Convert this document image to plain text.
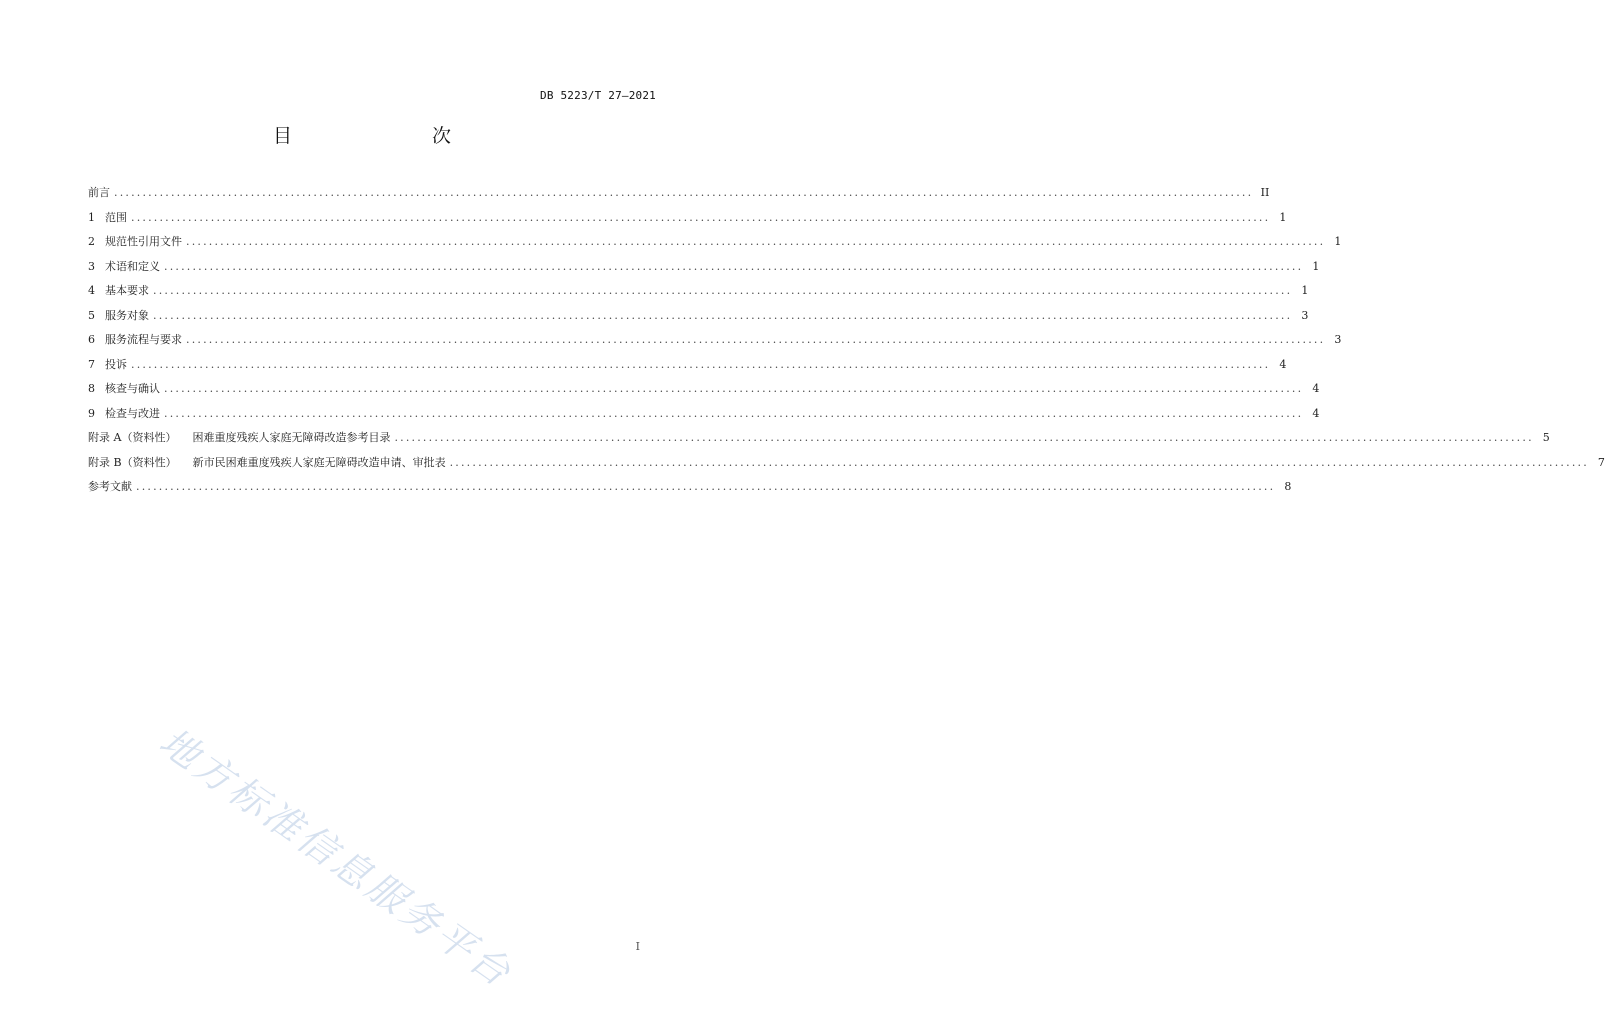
DB 5223/T 27—2021
目　　次
前言 ........................................................................................................................................................................................................ II
1 范围 ........................................................................................................................................................................................................ 1
2 规范性引用文件 ........................................................................................................................................................................................................ 1
3 术语和定义 ........................................................................................................................................................................................................ 1
4 基本要求 ........................................................................................................................................................................................................ 1
5 服务对象 ........................................................................................................................................................................................................ 3
6 服务流程与要求 ........................................................................................................................................................................................................ 3
7 投诉 ........................................................................................................................................................................................................ 4
8 核查与确认 ........................................................................................................................................................................................................ 4
9 检查与改进 ........................................................................................................................................................................................................ 4
附录 A（资料性） 困难重度残疾人家庭无障碍改造参考目录 ........................................................................................................................................................................................................ 5
附录 B（资料性） 新市民困难重度残疾人家庭无障碍改造申请、审批表 ........................................................................................................................................................................................................ 7
参考文献 ........................................................................................................................................................................................................ 8
地方标准信息服务平台	I
